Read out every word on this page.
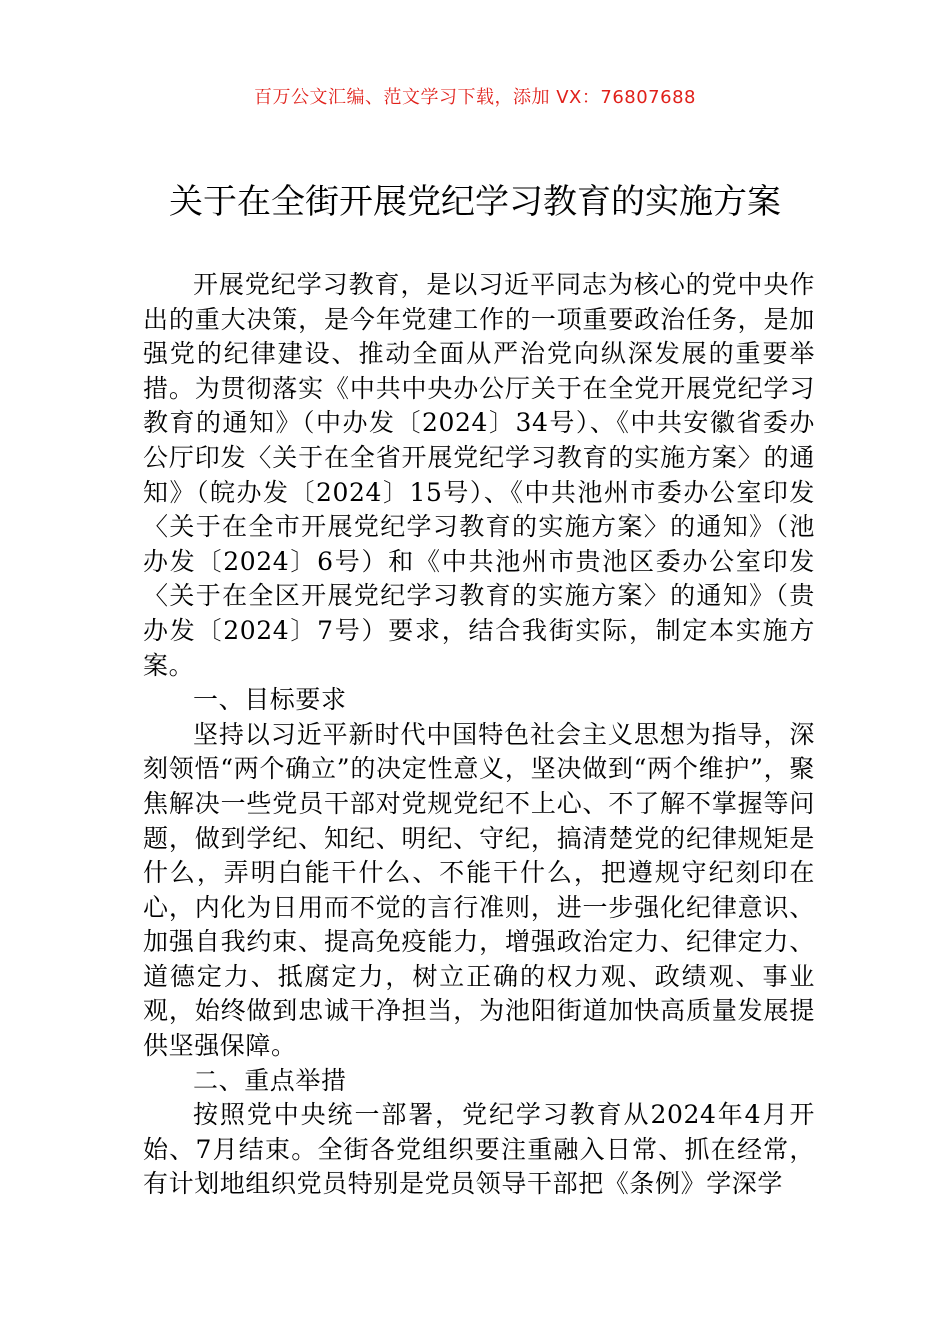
百万公文汇编、范文学习下载，添加 VX：76807688
关于在全街开展党纪学习教育的实施方案

开展党纪学习教育，是以习近平同志为核心的党中央作出的重大决策，是今年党建工作的一项重要政治任务，是加强党的纪律建设、推动全面从严治党向纵深发展的重要举措。为贯彻落实《中共中央办公厅关于在全党开展党纪学习教育的通知》（中办发〔2024〕34号）、《中共安徽省委办公厅印发〈关于在全省开展党纪学习教育的实施方案〉的通知》（皖办发〔2024〕15号）、《中共池州市委办公室印发〈关于在全市开展党纪学习教育的实施方案〉的通知》（池办发〔2024〕6号）和《中共池州市贵池区委办公室印发〈关于在全区开展党纪学习教育的实施方案〉的通知》（贵办发〔2024〕7号）要求，结合我街实际，制定本实施方案。

一、目标要求

坚持以习近平新时代中国特色社会主义思想为指导，深刻领悟“两个确立”的决定性意义，坚决做到“两个维护”，聚焦解决一些党员干部对党规党纪不上心、不了解不掌握等问题，做到学纪、知纪、明纪、守纪，搞清楚党的纪律规矩是什么，弄明白能干什么、不能干什么，把遵规守纪刻印在心，内化为日用而不觉的言行准则，进一步强化纪律意识、加强自我约束、提高免疫能力，增强政治定力、纪律定力、道德定力、抵腐定力，树立正确的权力观、政绩观、事业观，始终做到忠诚干净担当，为池阳街道加快高质量发展提供坚强保障。

二、重点举措

按照党中央统一部署，党纪学习教育从2024年4月开始、7月结束。全街各党组织要注重融入日常、抓在经常，有计划地组织党员特别是党员领导干部把《条例》学深学
